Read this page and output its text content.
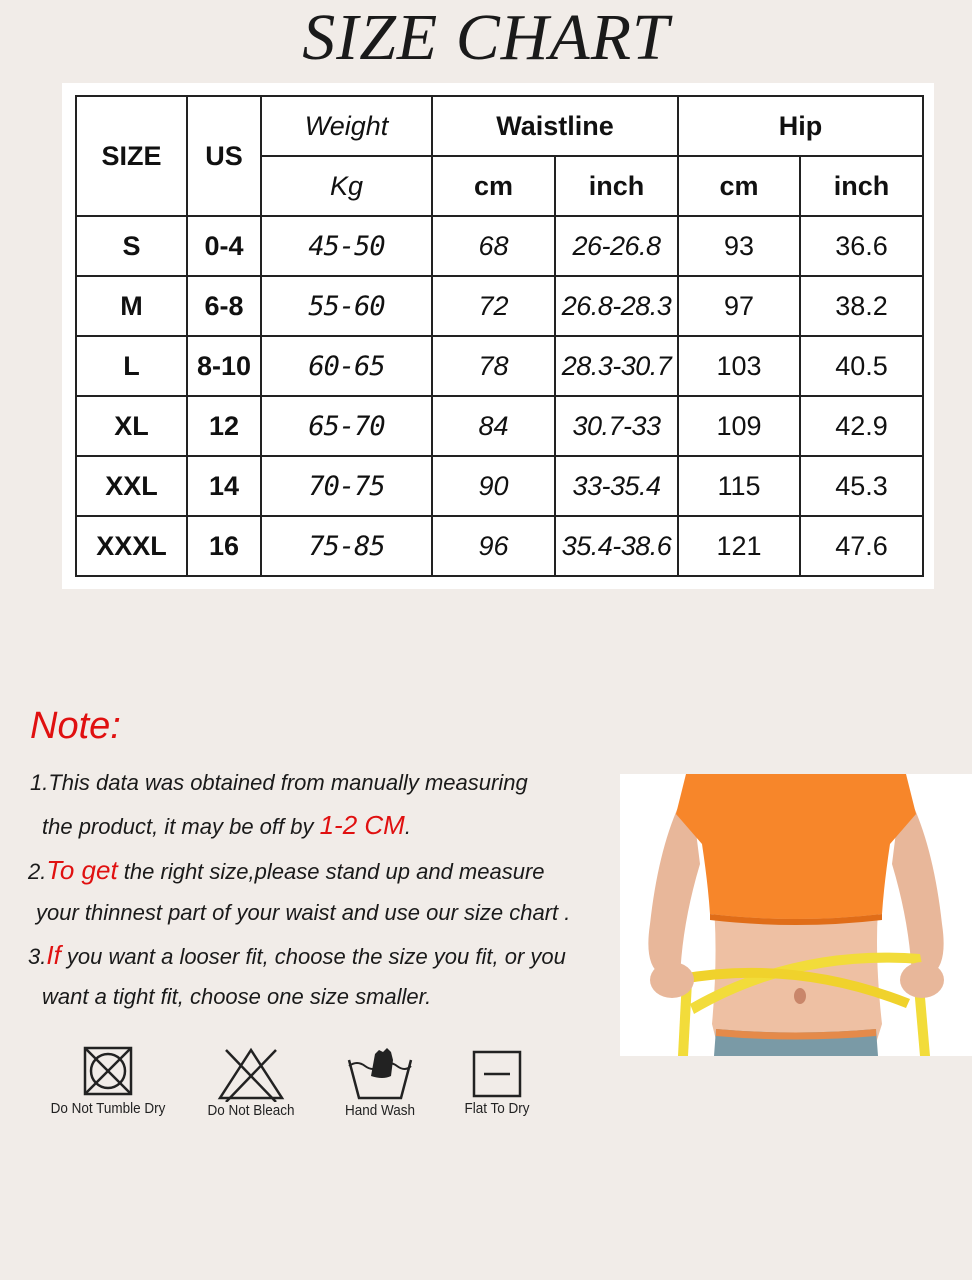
SIZE CHART
SIZE	US	Weight	Waistline		Hip	
		Kg	cm	inch	cm	inch
S	0-4	45-50	68	26-26.8	93	36.6
M	6-8	55-60	72	26.8-28.3	97	38.2
L	8-10	60-65	78	28.3-30.7	103	40.5
XL	12	65-70	84	30.7-33	109	42.9
XXL	14	70-75	90	33-35.4	115	45.3
XXXL	16	75-85	96	35.4-38.6	121	47.6
Note:
1.This data was obtained from manually measuring
the product, it may be off by 1-2 CM.
2.To get the right size,please stand up and measure
your thinnest part of your waist and use our size chart .
3.If you want a looser fit, choose the size you fit, or you
want a tight fit, choose one size smaller.
Do Not Tumble Dry	Do Not Bleach	Hand Wash	Flat To Dry
